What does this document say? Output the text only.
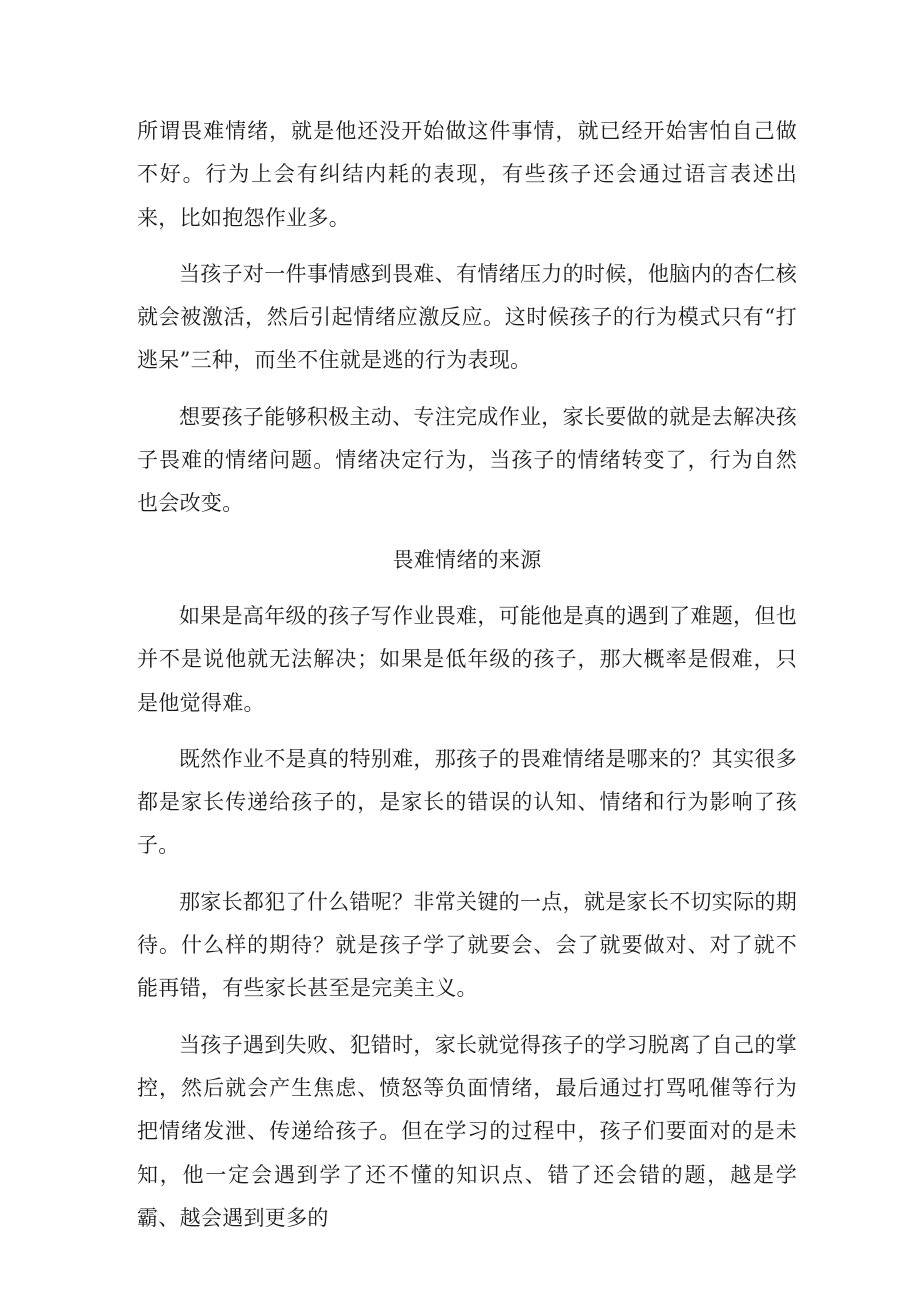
所谓畏难情绪，就是他还没开始做这件事情，就已经开始害怕自己做不好。行为上会有纠结内耗的表现，有些孩子还会通过语言表述出来，比如抱怨作业多。

当孩子对一件事情感到畏难、有情绪压力的时候，他脑内的杏仁核就会被激活，然后引起情绪应激反应。这时候孩子的行为模式只有“打逃呆”三种，而坐不住就是逃的行为表现。

想要孩子能够积极主动、专注完成作业，家长要做的就是去解决孩子畏难的情绪问题。情绪决定行为，当孩子的情绪转变了，行为自然也会改变。

畏难情绪的来源

如果是高年级的孩子写作业畏难，可能他是真的遇到了难题，但也并不是说他就无法解决；如果是低年级的孩子，那大概率是假难，只是他觉得难。

既然作业不是真的特别难，那孩子的畏难情绪是哪来的？其实很多都是家长传递给孩子的，是家长的错误的认知、情绪和行为影响了孩子。

那家长都犯了什么错呢？非常关键的一点，就是家长不切实际的期待。什么样的期待？就是孩子学了就要会、会了就要做对、对了就不能再错，有些家长甚至是完美主义。

当孩子遇到失败、犯错时，家长就觉得孩子的学习脱离了自己的掌控，然后就会产生焦虑、愤怒等负面情绪，最后通过打骂吼催等行为把情绪发泄、传递给孩子。但在学习的过程中，孩子们要面对的是未知，他一定会遇到学了还不懂的知识点、错了还会错的题，越是学霸、越会遇到更多的
